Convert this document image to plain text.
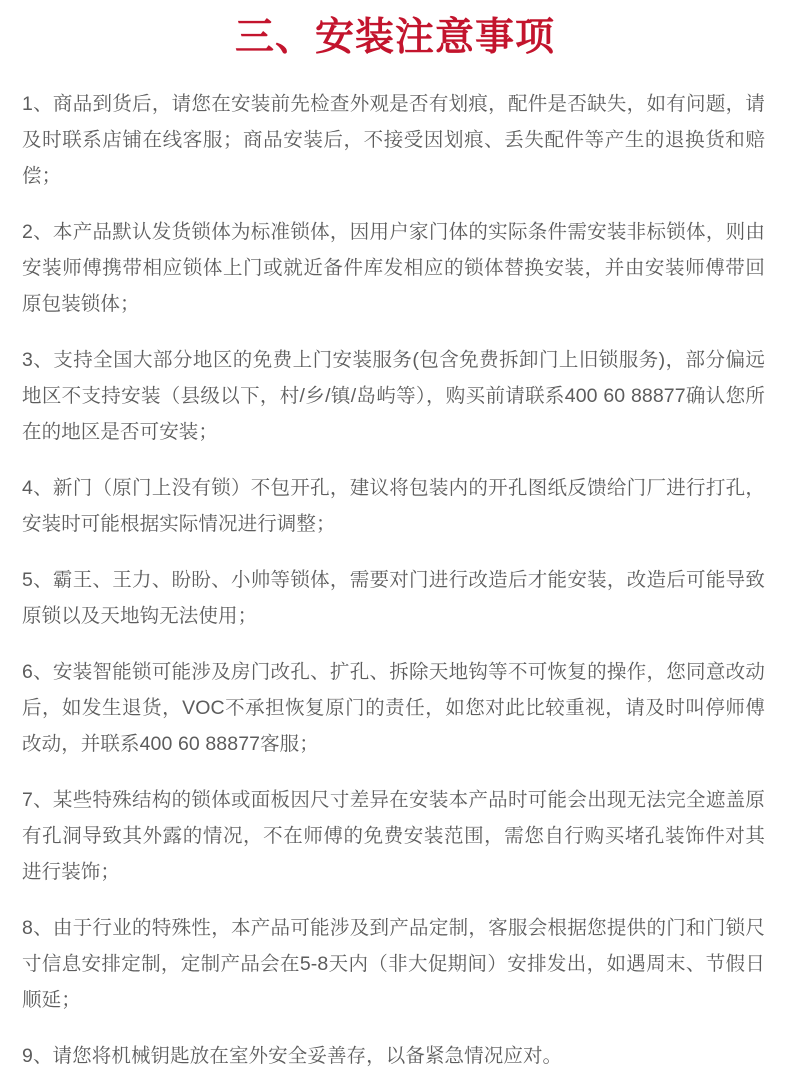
三、安装注意事项
1、商品到货后，请您在安装前先检查外观是否有划痕，配件是否缺失，如有问题，请及时联系店铺在线客服；商品安装后，不接受因划痕、丢失配件等产生的退换货和赔偿；
2、本产品默认发货锁体为标准锁体，因用户家门体的实际条件需安装非标锁体，则由安装师傅携带相应锁体上门或就近备件库发相应的锁体替换安装，并由安装师傅带回原包装锁体；
3、支持全国大部分地区的免费上门安装服务(包含免费拆卸门上旧锁服务)，部分偏远地区不支持安装（县级以下，村/乡/镇/岛屿等），购买前请联系400 60 88877确认您所在的地区是否可安装；
4、新门（原门上没有锁）不包开孔，建议将包装内的开孔图纸反馈给门厂进行打孔，安装时可能根据实际情况进行调整；
5、霸王、王力、盼盼、小帅等锁体，需要对门进行改造后才能安装，改造后可能导致原锁以及天地钩无法使用；
6、安装智能锁可能涉及房门改孔、扩孔、拆除天地钩等不可恢复的操作，您同意改动后，如发生退货，VOC不承担恢复原门的责任，如您对此比较重视，请及时叫停师傅改动，并联系400 60 88877客服；
7、某些特殊结构的锁体或面板因尺寸差异在安装本产品时可能会出现无法完全遮盖原有孔洞导致其外露的情况，不在师傅的免费安装范围，需您自行购买堵孔装饰件对其进行装饰；
8、由于行业的特殊性，本产品可能涉及到产品定制，客服会根据您提供的门和门锁尺寸信息安排定制，定制产品会在5-8天内（非大促期间）安排发出，如遇周末、节假日顺延；
9、请您将机械钥匙放在室外安全妥善存，以备紧急情况应对。
